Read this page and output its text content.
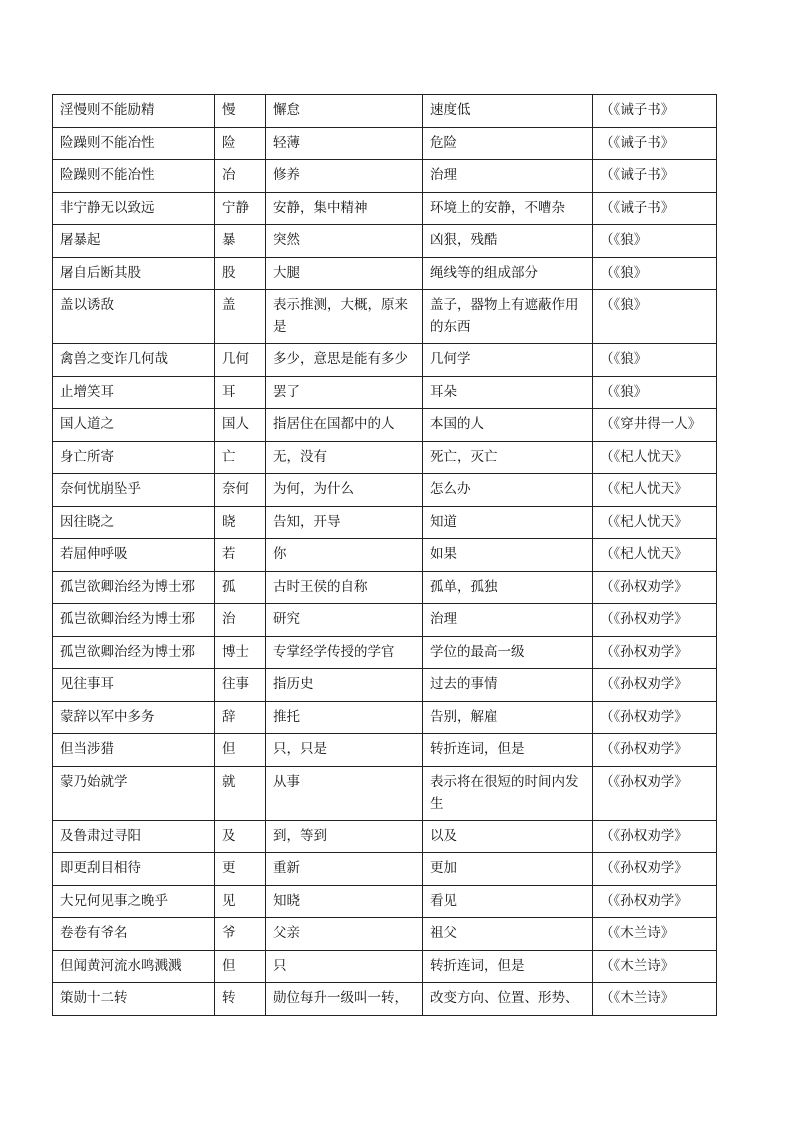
淫慢则不能励精	慢	懈怠	速度低	（《诫子书》
险躁则不能冶性	险	轻薄	危险	（《诫子书》
险躁则不能冶性	冶	修养	治理	（《诫子书》
非宁静无以致远	宁静	安静，集中精神	环境上的安静，不嘈杂	（《诫子书》
屠暴起	暴	突然	凶狠，残酷	（《狼》
屠自后断其股	股	大腿	绳线等的组成部分	（《狼》
盖以诱敌	盖	表示推测，大概，原来是	盖子，器物上有遮蔽作用的东西	（《狼》
禽兽之变诈几何哉	几何	多少，意思是能有多少	几何学	（《狼》
止增笑耳	耳	罢了	耳朵	（《狼》
国人道之	国人	指居住在国都中的人	本国的人	（《穿井得一人》
身亡所寄	亡	无，没有	死亡，灭亡	（《杞人忧天》
奈何忧崩坠乎	奈何	为何，为什么	怎么办	（《杞人忧天》
因往晓之	晓	告知，开导	知道	（《杞人忧天》
若屈伸呼吸	若	你	如果	（《杞人忧天》
孤岂欲卿治经为博士邪	孤	古时王侯的自称	孤单，孤独	（《孙权劝学》
孤岂欲卿治经为博士邪	治	研究	治理	（《孙权劝学》
孤岂欲卿治经为博士邪	博士	专掌经学传授的学官	学位的最高一级	（《孙权劝学》
见往事耳	往事	指历史	过去的事情	（《孙权劝学》
蒙辞以军中多务	辞	推托	告别，解雇	（《孙权劝学》
但当涉猎	但	只，只是	转折连词，但是	（《孙权劝学》
蒙乃始就学	就	从事	表示将在很短的时间内发生	（《孙权劝学》
及鲁肃过寻阳	及	到，等到	以及	（《孙权劝学》
即更刮目相待	更	重新	更加	（《孙权劝学》
大兄何见事之晚乎	见	知晓	看见	（《孙权劝学》
卷卷有爷名	爷	父亲	祖父	（《木兰诗》
但闻黄河流水鸣溅溅	但	只	转折连词，但是	（《木兰诗》
策勋十二转	转	勋位每升一级叫一转，	改变方向、位置、形势、	（《木兰诗》
